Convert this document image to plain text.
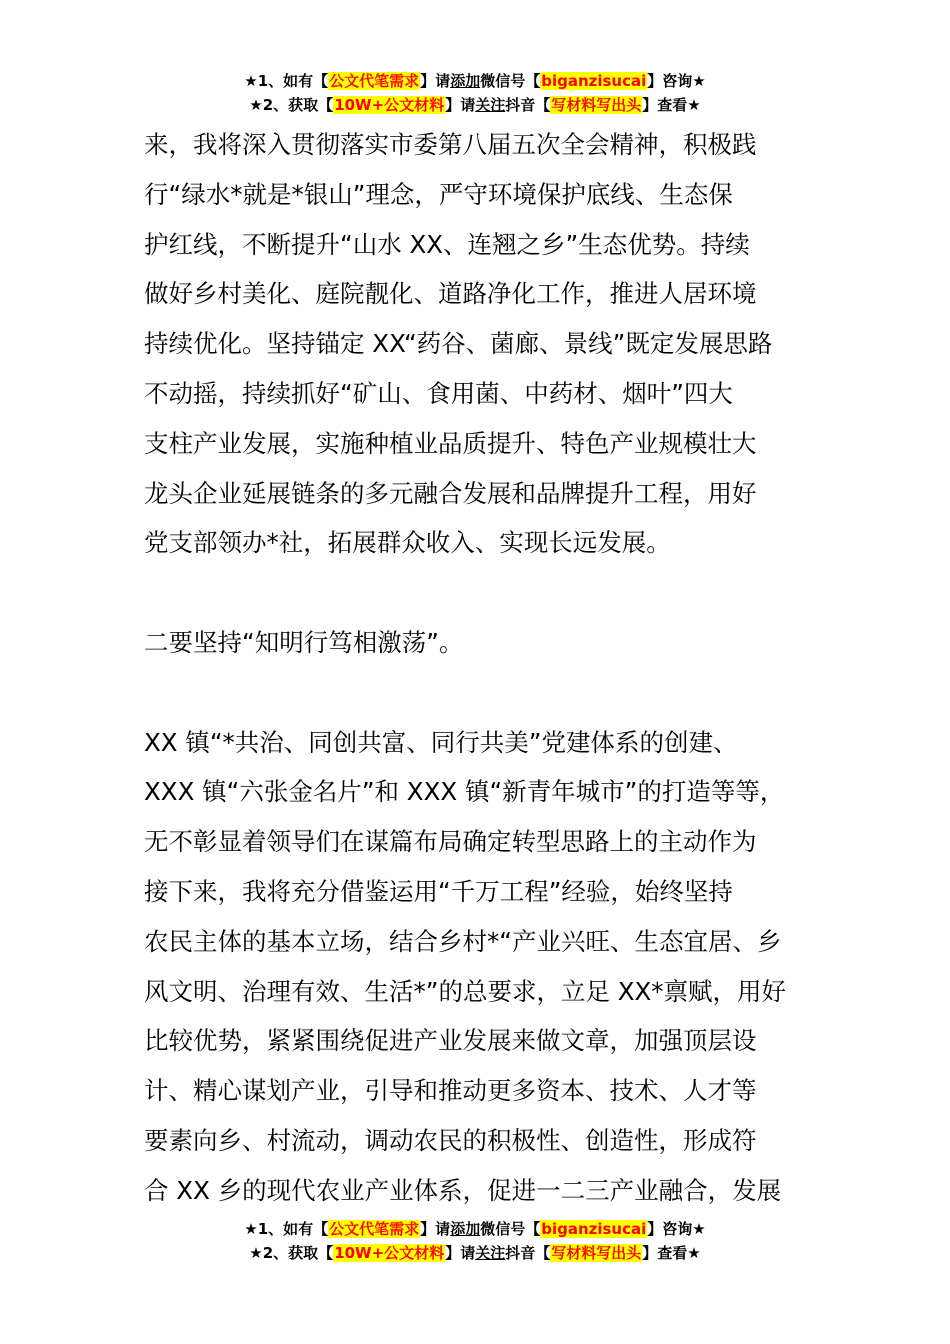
★1、如有【公文代笔需求】请添加微信号【biganzisucai】咨询★
★2、获取【10W+公文材料】请关注抖音【写材料写出头】查看★

来，我将深入贯彻落实市委第八届五次全会精神，积极践
行“绿水*就是*银山”理念，严守环境保护底线、生态保
护红线，不断提升“山水 XX、连翘之乡”生态优势。持续
做好乡村美化、庭院靓化、道路净化工作，推进人居环境
持续优化。坚持锚定 XX“药谷、菌廊、景线”既定发展思路
不动摇，持续抓好“矿山、食用菌、中药材、烟叶”四大
支柱产业发展，实施种植业品质提升、特色产业规模壮大
龙头企业延展链条的多元融合发展和品牌提升工程，用好
党支部领办*社，拓展群众收入、实现长远发展。

二要坚持“知明行笃相激荡”。

XX 镇“*共治、同创共富、同行共美”党建体系的创建、
XXX 镇“六张金名片”和 XXX 镇“新青年城市”的打造等等，
无不彰显着领导们在谋篇布局确定转型思路上的主动作为
接下来，我将充分借鉴运用“千万工程”经验，始终坚持
农民主体的基本立场，结合乡村*“产业兴旺、生态宜居、乡
风文明、治理有效、生活*”的总要求，立足 XX*禀赋，用好
比较优势，紧紧围绕促进产业发展来做文章，加强顶层设
计、精心谋划产业，引导和推动更多资本、技术、人才等
要素向乡、村流动，调动农民的积极性、创造性，形成符
合 XX 乡的现代农业产业体系，促进一二三产业融合，发展

★1、如有【公文代笔需求】请添加微信号【biganzisucai】咨询★
★2、获取【10W+公文材料】请关注抖音【写材料写出头】查看★
